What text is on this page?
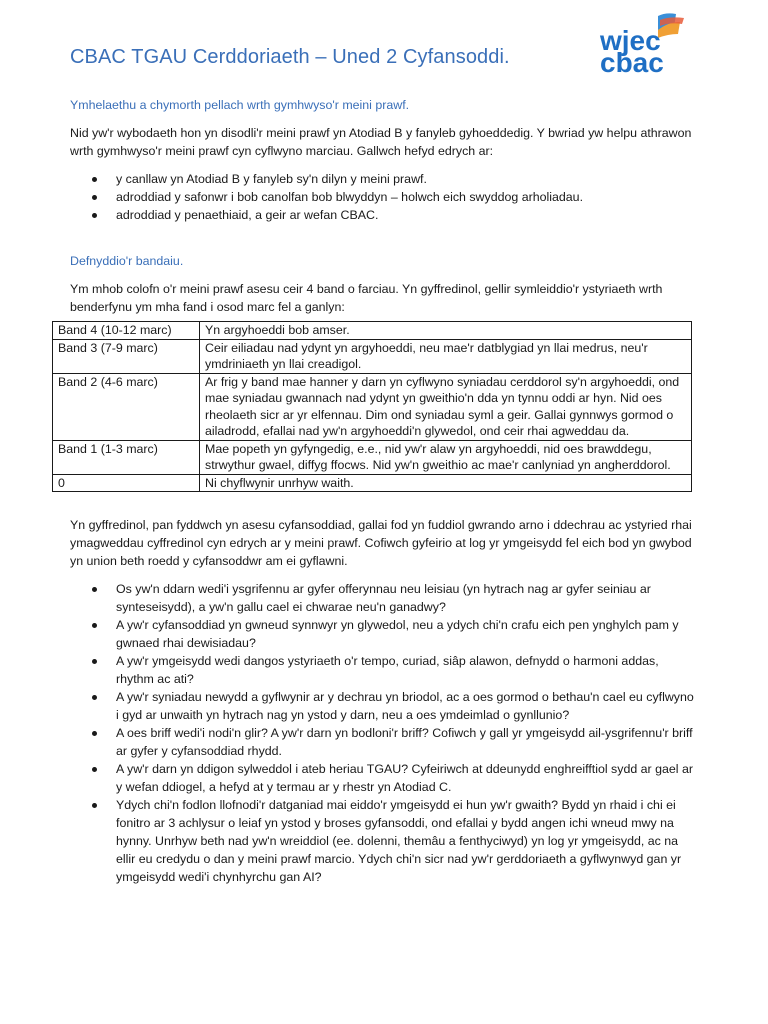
CBAC TGAU Cerddoriaeth – Uned 2 Cyfansoddi.
wjec
cbac

Ymhelaethu a chymorth pellach wrth gymhwyso'r meini prawf.

Nid yw'r wybodaeth hon yn disodli'r meini prawf yn Atodiad B y fanyleb gyhoeddedig. Y bwriad yw helpu athrawon wrth gymhwyso'r meini prawf cyn cyflwyno marciau. Gallwch hefyd edrych ar:

y canllaw yn Atodiad B y fanyleb sy'n dilyn y meini prawf.
adroddiad y safonwr i bob canolfan bob blwyddyn – holwch eich swyddog arholiadau.
adroddiad y penaethiaid, a geir ar wefan CBAC.

Defnyddio'r bandaiu.

Ym mhob colofn o'r meini prawf asesu ceir 4 band o farciau. Yn gyffredinol, gellir symleiddio'r ystyriaeth wrth benderfynu ym mha fand i osod marc fel a ganlyn:

Band 4 (10-12 marc)	Yn argyhoeddi bob amser.
Band 3 (7-9 marc)	Ceir eiliadau nad ydynt yn argyhoeddi, neu mae'r datblygiad yn llai medrus, neu'r ymdriniaeth yn llai creadigol.
Band 2 (4-6 marc)	Ar frig y band mae hanner y darn yn cyflwyno syniadau cerddorol sy'n argyhoeddi, ond mae syniadau gwannach nad ydynt yn gweithio'n dda yn tynnu oddi ar hyn. Nid oes rheolaeth sicr ar yr elfennau. Dim ond syniadau syml a geir. Gallai gynnwys gormod o ailadrodd, efallai nad yw'n argyhoeddi'n glywedol, ond ceir rhai agweddau da.
Band 1 (1-3 marc)	Mae popeth yn gyfyngedig, e.e., nid yw'r alaw yn argyhoeddi, nid oes brawddegu, strwythur gwael, diffyg ffocws. Nid yw'n gweithio ac mae'r canlyniad yn angherddorol.
0	Ni chyflwynir unrhyw waith.

Yn gyffredinol, pan fyddwch yn asesu cyfansoddiad, gallai fod yn fuddiol gwrando arno i ddechrau ac ystyried rhai ymagweddau cyffredinol cyn edrych ar y meini prawf. Cofiwch gyfeirio at log yr ymgeisydd fel eich bod yn gwybod yn union beth roedd y cyfansoddwr am ei gyflawni.

Os yw'n ddarn wedi'i ysgrifennu ar gyfer offerynnau neu leisiau (yn hytrach nag ar gyfer seiniau ar synteseisydd), a yw'n gallu cael ei chwarae neu'n ganadwy?
A yw'r cyfansoddiad yn gwneud synnwyr yn glywedol, neu a ydych chi'n crafu eich pen ynghylch pam y gwnaed rhai dewisiadau?
A yw'r ymgeisydd wedi dangos ystyriaeth o'r tempo, curiad, siâp alawon, defnydd o harmoni addas, rhythm ac ati?
A yw'r syniadau newydd a gyflwynir ar y dechrau yn briodol, ac a oes gormod o bethau'n cael eu cyflwyno i gyd ar unwaith yn hytrach nag yn ystod y darn, neu a oes ymdeimlad o gynllunio?
A oes briff wedi'i nodi'n glir? A yw'r darn yn bodloni'r briff? Cofiwch y gall yr ymgeisydd ail-ysgrifennu'r briff ar gyfer y cyfansoddiad rhydd.
A yw'r darn yn ddigon sylweddol i ateb heriau TGAU? Cyfeiriwch at ddeunydd enghreifftiol sydd ar gael ar y wefan ddiogel, a hefyd at y termau ar y rhestr yn Atodiad C.
Ydych chi'n fodlon llofnodi'r datganiad mai eiddo'r ymgeisydd ei hun yw'r gwaith? Bydd yn rhaid i chi ei fonitro ar 3 achlysur o leiaf yn ystod y broses gyfansoddi, ond efallai y bydd angen ichi wneud mwy na hynny. Unrhyw beth nad yw'n wreiddiol (ee. dolenni, themâu a fenthyciwyd) yn log yr ymgeisydd, ac na ellir eu credydu o dan y meini prawf marcio. Ydych chi'n sicr nad yw'r gerddoriaeth a gyflwynwyd gan yr ymgeisydd wedi'i chynhyrchu gan AI?
